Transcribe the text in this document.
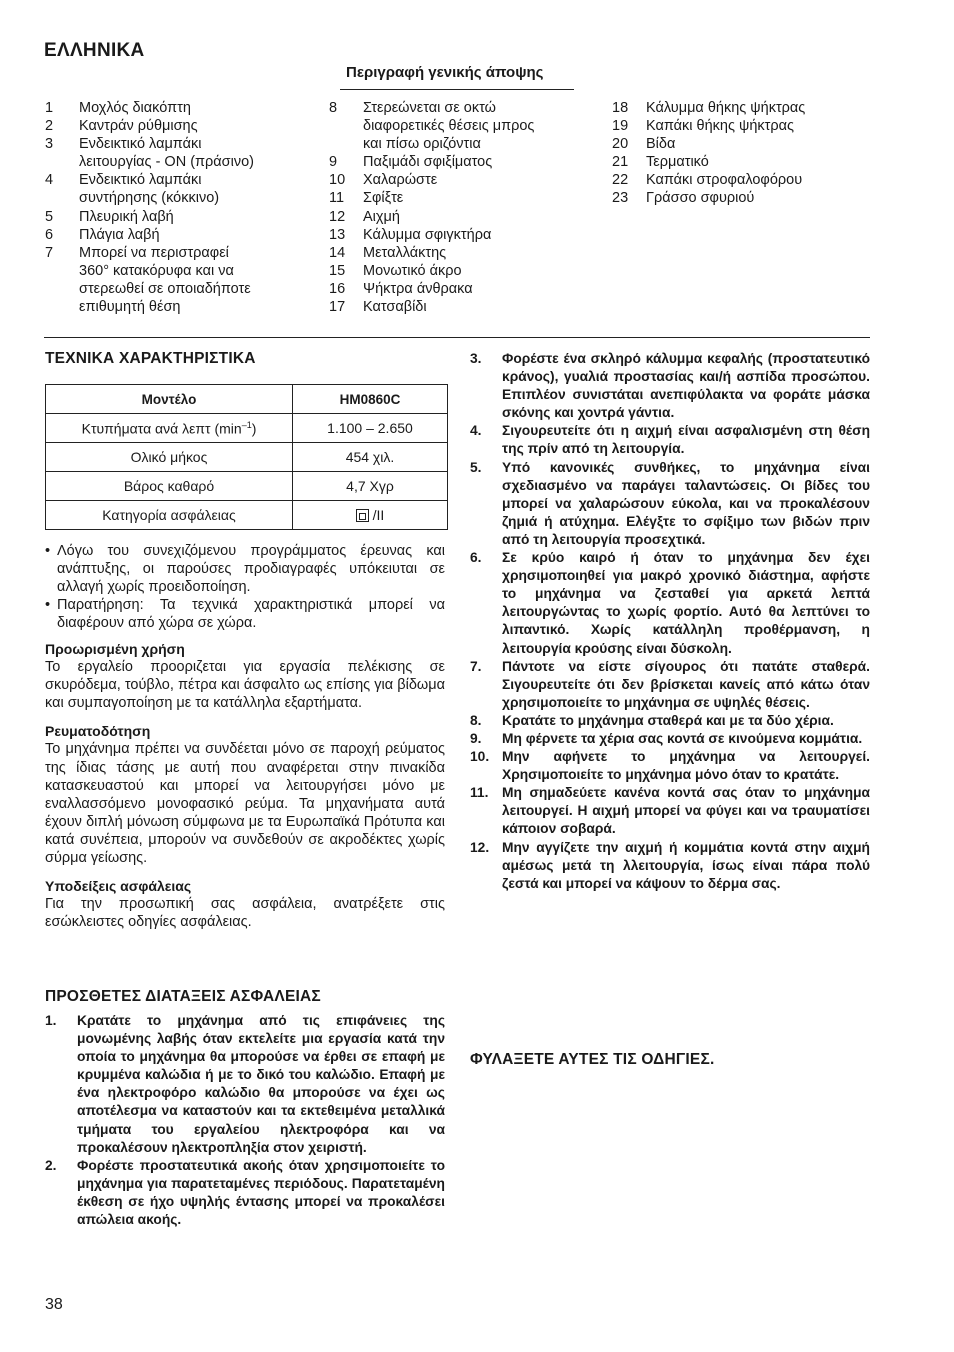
ΕΛΛΗΝΙΚΑ
Περιγραφή γενικής άποψης
1	Μοχλός διακόπτη
2	Καντράν ρύθμισης
3	Ενδεικτικό λαμπάκι
λειτουργίας - ΟΝ (πράσινο)
4	Ενδεικτικό λαμπάκι
συντήρησης (κόκκινο)
5	Πλευρική λαβή
6	Πλάγια λαβή
7	Μπορεί να περιστραφεί
360° κατακόρυφα και να
στερεωθεί σε οποιαδήποτε
επιθυμητή θέση
8	Στερεώνεται σε οκτώ
διαφορετικές θέσεις μπρος
και πίσω οριζόντια
9	Παξιμάδι σφιξίματος
10	Χαλαρώστε
11	Σφίξτε
12	Αιχμή
13	Κάλυμμα σφιγκτήρα
14	Μεταλλάκτης
15	Μονωτικό άκρο
16	Ψήκτρα άνθρακα
17	Κατσαβίδι
18	Κάλυμμα θήκης ψήκτρας
19	Καπάκι θήκης ψήκτρας
20	Βίδα
21	Τερματικό
22	Καπάκι στροφαλοφόρου
23	Γράσσο σφυριού
ΤΕΧΝΙΚΑ ΧΑΡΑΚΤΗΡΙΣΤΙΚΑ
Μοντέλο	HM0860C
Κτυπήματα ανά λεπτ $(\min^{-1})$	1.100 – 2.650
Ολικό μήκος	454 χιλ.
Βάρος καθαρό	4,7 Χγρ
Κατηγορία ασφάλειας	/II
• Λόγω του συνεχιζόμενου προγράμματος έρευνας και ανάπτυξης, οι παρούσες προδιαγραφές υπόκειυται σε αλλαγή χωρίς προειδοποίηση.
• Παρατήρηση: Τα τεχνικά χαρακτηριστικά μπορεί να διαφέρουν από χώρα σε χώρα.
Προωρισμένη χρήση
Το εργαλείο προοριζεται για εργασία πελέκισης σε σκυρόδεμα, τούβλο, πέτρα και άσφαλτο ως επίσης για βίδωμα και συμπαγοποίηση με τα κατάλληλα εξαρτήματα.
Ρευματοδότηση
Το μηχάνημα πρέπει να συνδέεται μόνο σε παροχή ρεύματος της ίδιας τάσης με αυτή που αναφέρεται στην πινακίδα κατασκευαστού και μπορεί να λειτουργήσει μόνο με εναλλασσόμενο μονοφασικό ρεύμα. Τα μηχανήματα αυτά έχουν διπλή μόνωση σύμφωνα με τα Ευρωπαϊκά Πρότυπα και κατά συνέπεια, μπορούν να συνδεθούν σε ακροδέκτες χωρίς σύρμα γείωσης.
Υποδείξεις ασφάλειας
Για την προσωπική σας ασφάλεια, ανατρέξετε στις εσώκλειστες οδηγίες ασφάλειας.
ΠΡΟΣΘΕΤΕΣ ΔΙΑΤΑΞΕΙΣ ΑΣΦΑΛΕΙΑΣ
1.	Κρατάτε το μηχάνημα από τις επιφάνειες της μονωμένης λαβής όταν εκτελείτε μια εργασία κατά την οποία το μηχάνημα θα μπορούσε να έρθει σε επαφή με κρυμμένα καλώδια ή με το δικό του καλώδιο. Επαφή με ένα ηλεκτροφόρο καλώδιο θα μπορούσε να έχει ως αποτέλεσμα να καταστούν και τα εκτεθειμένα μεταλλικά τμήματα του εργαλείου ηλεκτροφόρα και να προκαλέσουν ηλεκτροπληξία στον χειριστή.
2.	Φορέστε προστατευτικά ακοής όταν χρησιμοποιείτε το μηχάνημα για παρατεταμένες περιόδους. Παρατεταμένη έκθεση σε ήχο υψηλής έντασης μπορεί να προκαλέσει απώλεια ακοής.
3.	Φορέστε ένα σκληρό κάλυμμα κεφαλής (προστατευτικό κράνος), γυαλιά προστασίας και/ή ασπίδα προσώπου. Επιπλέον συνιστάται ανεπιφύλακτα να φοράτε μάσκα σκόνης και χοντρά γάντια.
4.	Σιγουρευτείτε ότι η αιχμή είναι ασφαλισμένη στη θέση της πρίν από τη λειτουργία.
5.	Υπό κανονικές συνθήκες, το μηχάνημα είναι σχεδιασμένο να παράγει ταλαντώσεις. Οι βίδες του μπορεί να χαλαρώσουν εύκολα, και να προκαλέσουν ζημιά ή ατύχημα. Ελέγξτε το σφίξιμο των βιδών πριν από τη λειτουργία προσεχτικά.
6.	Σε κρύο καιρό ή όταν το μηχάνημα δεν έχει χρησιμοποιηθεί για μακρό χρονικό διάστημα, αφήστε το μηχάνημα να ζεσταθεί για αρκετά λεπτά λειτουργώντας το χωρίς φορτίο. Αυτό θα λεπτύνει το λιπαντικό. Χωρίς κατάλληλη προθέρμανση, η λειτουργία κρούσης είναι δύσκολη.
7.	Πάντοτε να είστε σίγουρος ότι πατάτε σταθερά. Σιγουρευτείτε ότι δεν βρίσκεται κανείς από κάτω όταν χρησιμοποιείτε το μηχάνημα σε υψηλές θέσεις.
8.	Κρατάτε το μηχάνημα σταθερά και με τα δύο χέρια.
9.	Μη φέρνετε τα χέρια σας κοντά σε κινούμενα κομμάτια.
10. Μην αφήνετε το μηχάνημα να λειτουργεί. Χρησιμοποιείτε το μηχάνημα μόνο όταν το κρατάτε.
11. Μη σημαδεύετε κανένα κοντά σας όταν το μηχάνημα λειτουργεί. Η αιχμή μπορεί να φύγει και να τραυματίσει κάποιον σοβαρά.
12. Μην αγγίζετε την αιχμή ή κομμάτια κοντά στην αιχμή αμέσως μετά τη λλειτουργία, ίσως είναι πάρα πολύ ζεστά και μπορεί να κάψουν το δέρμα σας.
ΦΥΛΑΞΕΤΕ ΑΥΤΕΣ ΤΙΣ ΟΔΗΓΙΕΣ.
38
